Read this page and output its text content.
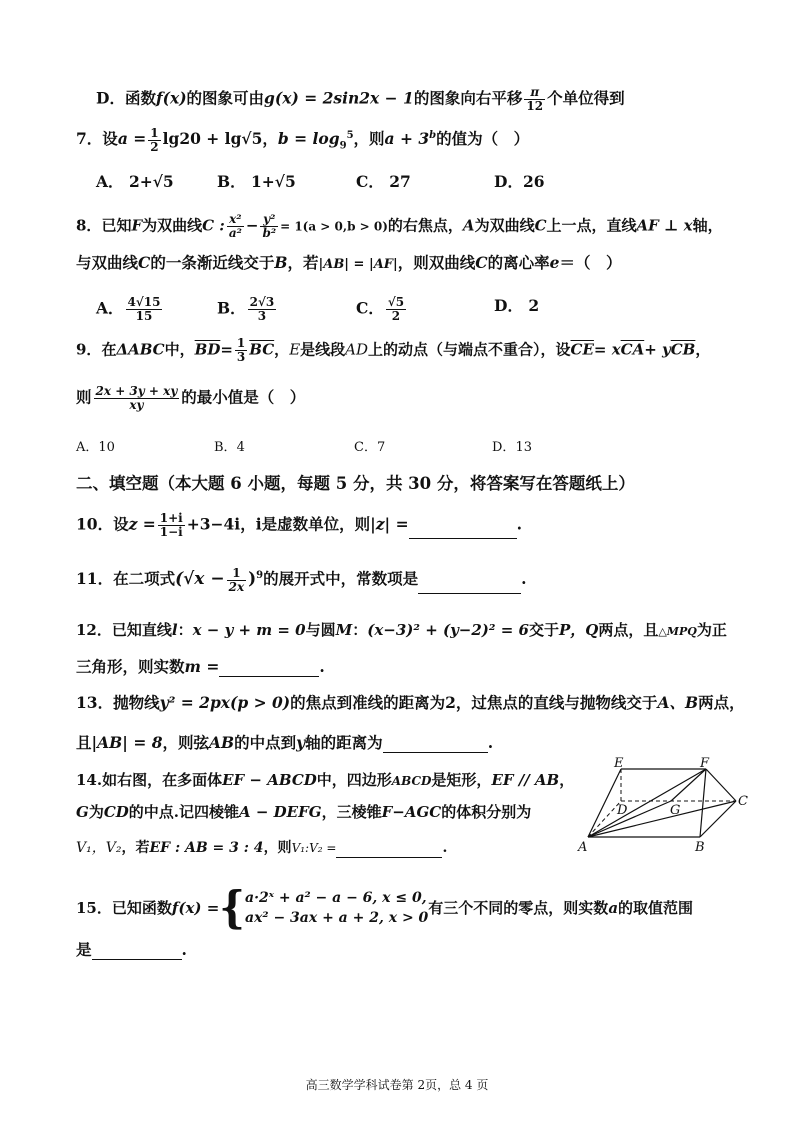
D．函数f(x)的图象可由g(x) = 2sin2x − 1的图象向右平移 $\frac{\pi}{12}$ 个单位得到
7．设$a = \frac{1}{2} \lg 20 + \lg√5$，$b = \log_9^5$，则$a + 3^b$的值为（　）
A． 2+√5	B． 1+√5	C． 27	D．26
8．已知F为双曲线C : $\frac{\text{x²}}{\text{a²}} - \frac{\text{y²}}{\text{b²}} = 1(a > 0,b > 0)$的右焦点，A为双曲线C上一点，直线AF ⊥ x轴，
与双曲线C的一条渐近线交于B，若|AB| = |AF|，则双曲线C的离心率e＝（　）
A． $\frac{4√15}{15}$	B． $\frac{2√3}{3}$	C． $\frac{√5}{2}$	D． 2
9．在ΔABC中，$\overline{BD}= \frac{1}{3} \overline{BC}$，E是线段AD上的动点（与端点不重合），设$\overline{CE}= x\overline{CA}+ y\overline{CB}$，
则 $\frac{2x + 3y + xy}{xy}$ 的最小值是（　）
A．10	B．4	C．7	D．13
二、填空题（本大题 6 小题，每题 5 分，共 30 分，将答案写在答题纸上）
10．设$z = \frac{1+i}{1-i} +3-4i$，i是虚数单位，则|z| =	.
11．在二项式$(√x - \frac{1}{2x} )^9$的展开式中，常数项是	.
12．已知直线l：x − y + m = 0与圆M：(x−3)² + (y−2)² = 6交于P，Q两点，且△MPQ为正
三角形，则实数m =	.
13．抛物线y² = 2px(p > 0)的焦点到准线的距离为2，过焦点的直线与抛物线交于A、B两点，
且|AB| = 8，则弦AB的中点到y轴的距离为	.
14.如右图，在多面体EF − ABCD中，四边形ABCD是矩形，EF // AB，
G为CD的中点.记四棱锥A − DEFG，三棱锥F−AGC的体积分别为
V₁，V₂，若EF : AB = 3 : 4，则V₁:V₂ =	.
E	F
D	G
C
A	B
15．已知函数f(x) ={ a·2ˣ + a² − a − 6, x ≤ 0,
ax² − 3ax + a + 2, x > 0
有三个不同的零点，则实数a的取值范围
是	.
高三数学学科试卷第 2页，总 4 页
